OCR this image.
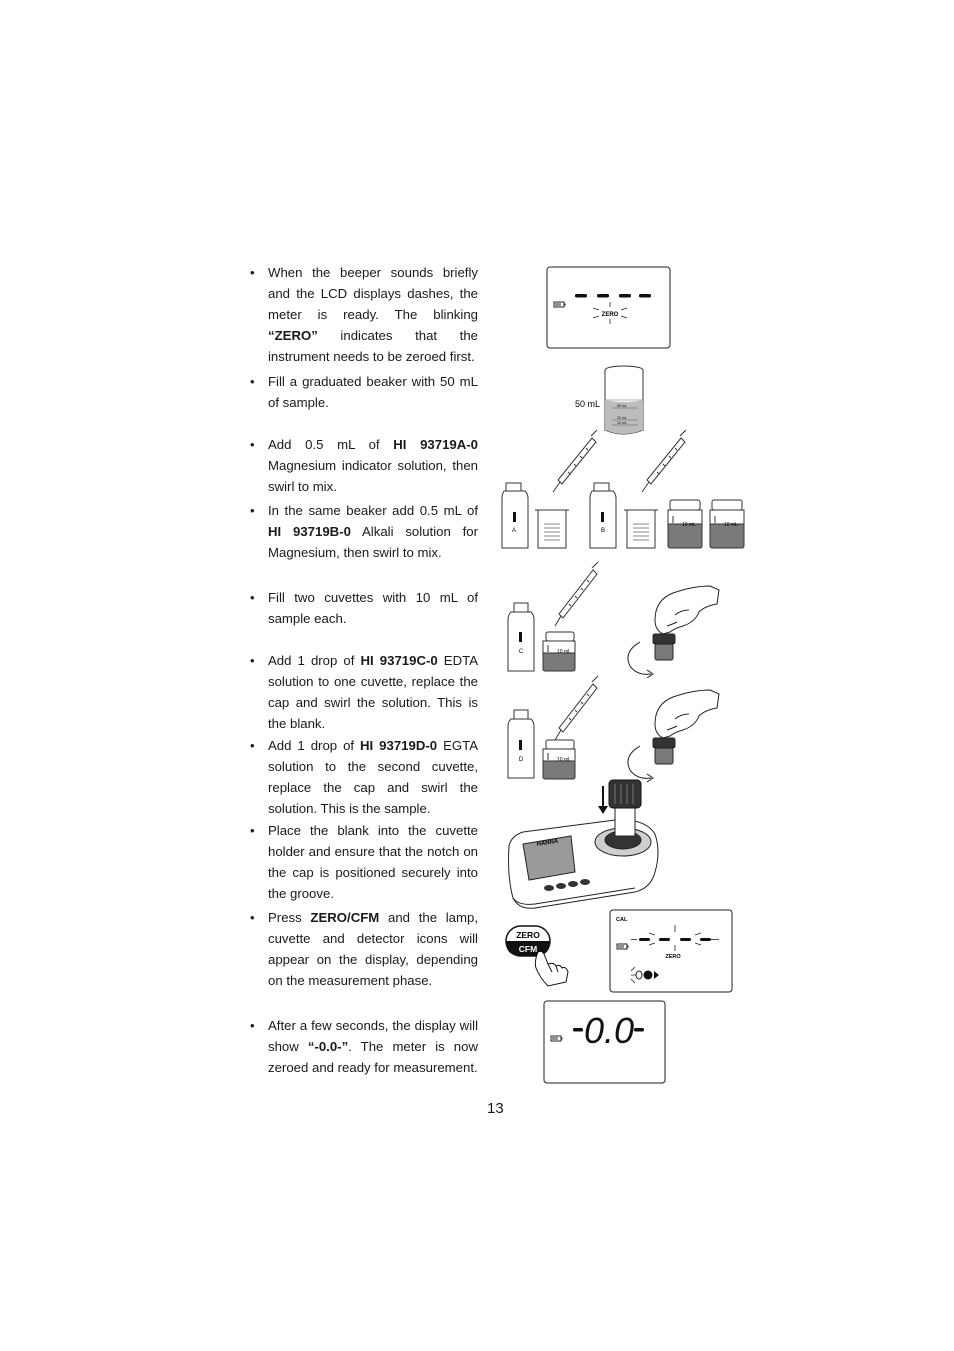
• When the beeper sounds briefly and the LCD displays dashes, the meter is ready. The blinking “ZERO” indicates that the instrument needs to be zeroed first.
• Fill a graduated beaker with 50 mL of sample.
• Add 0.5 mL of HI 93719A-0 Magnesium indicator solution, then swirl to mix.
• In the same beaker add 0.5 mL of HI 93719B-0 Alkali solution for Magnesium, then swirl to mix.
• Fill two cuvettes with 10 mL of sample each.
• Add 1 drop of HI 93719C-0 EDTA solution to one cuvette, replace the cap and swirl the solution. This is the blank.
• Add 1 drop of HI 93719D-0 EGTA solution to the second cuvette, replace the cap and swirl the solution. This is the sample.
• Place the blank into the cuvette holder and ensure that the notch on the cap is positioned securely into the groove.
• Press ZERO/CFM and the lamp, cuvette and detector icons will appear on the display, depending on the measurement phase.
• After a few seconds, the display will show “-0.0-”. The meter is now zeroed and ready for measurement.
ZERO
50 mL	50 mL
20 mL
10 mL
A	B
10 mL	10 mL
C	10 mL
D	10 mL
HANNA
ZERO
CFM
CAL
ZERO
0.0
13
